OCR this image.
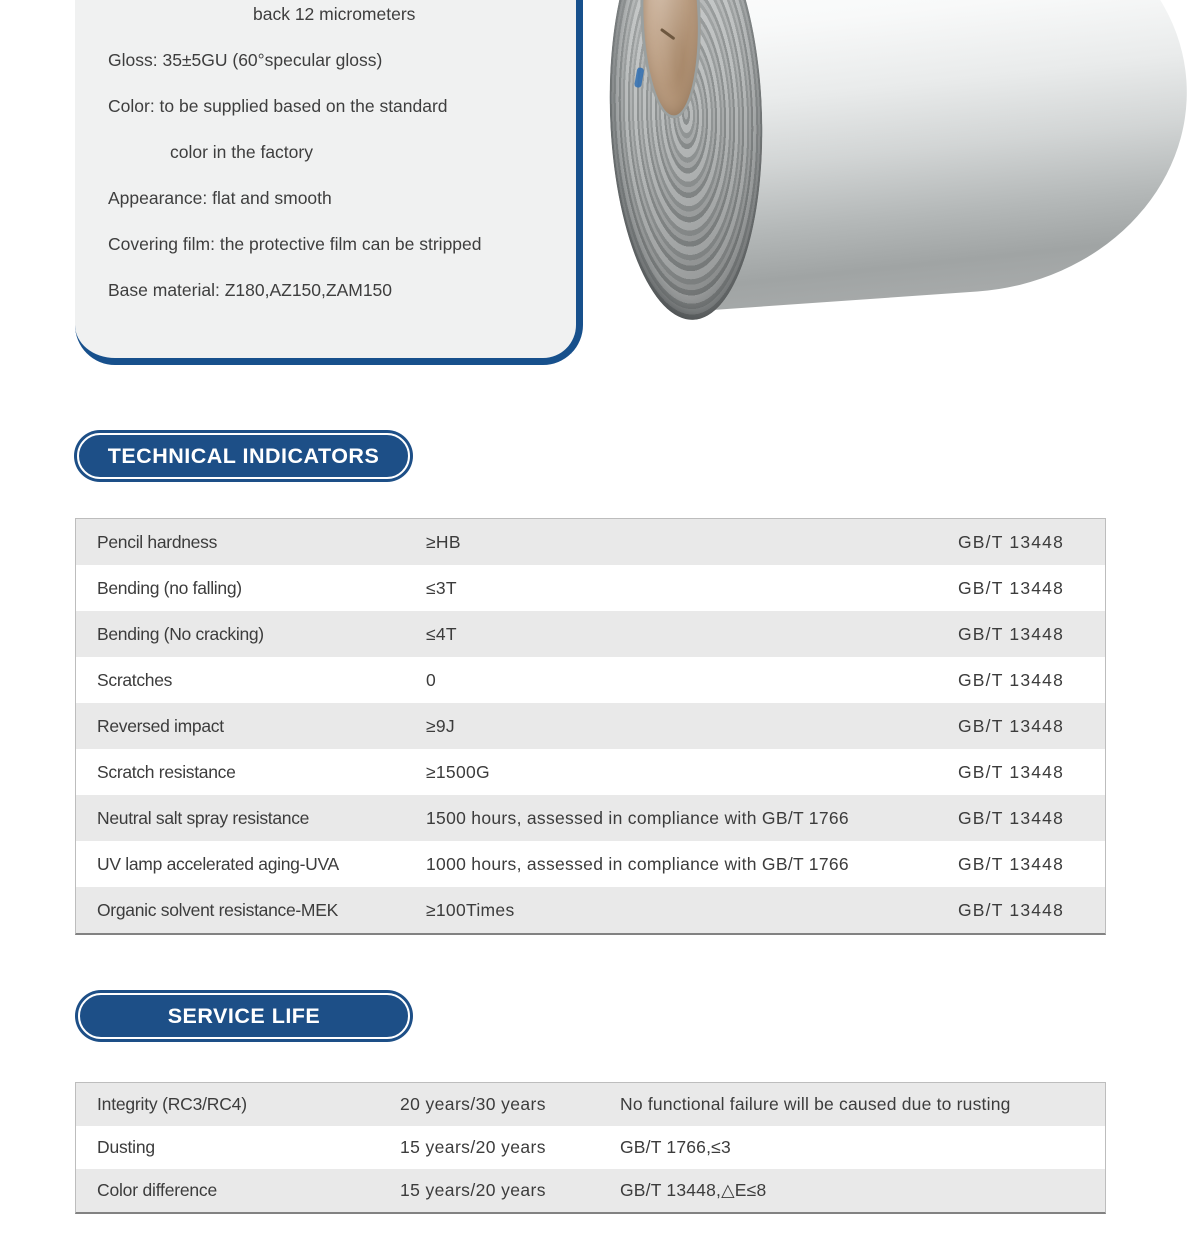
back 12 micrometers

Gloss: 35±5GU (60°specular gloss)

Color: to be supplied based on the standard

color in the factory

Appearance: flat and smooth

Covering film: the protective film can be stripped

Base material: Z180,AZ150,ZAM150

TECHNICAL INDICATORS
Pencil hardness	≥HB	GB/T 13448
Bending (no falling)	≤3T	GB/T 13448
Bending (No cracking)	≤4T	GB/T 13448
Scratches	0	GB/T 13448
Reversed impact	≥9J	GB/T 13448
Scratch resistance	≥1500G	GB/T 13448
Neutral salt spray resistance	1500 hours, assessed in compliance with GB/T 1766	GB/T 13448
UV lamp accelerated aging-UVA	1000 hours, assessed in compliance with GB/T 1766	GB/T 13448
Organic solvent resistance-MEK	≥100Times	GB/T 13448
SERVICE LIFE
Integrity (RC3/RC4)	20 years/30 years	No functional failure will be caused due to rusting
Dusting	15 years/20 years	GB/T 1766,≤3
Color difference	15 years/20 years	GB/T 13448,△E≤8
